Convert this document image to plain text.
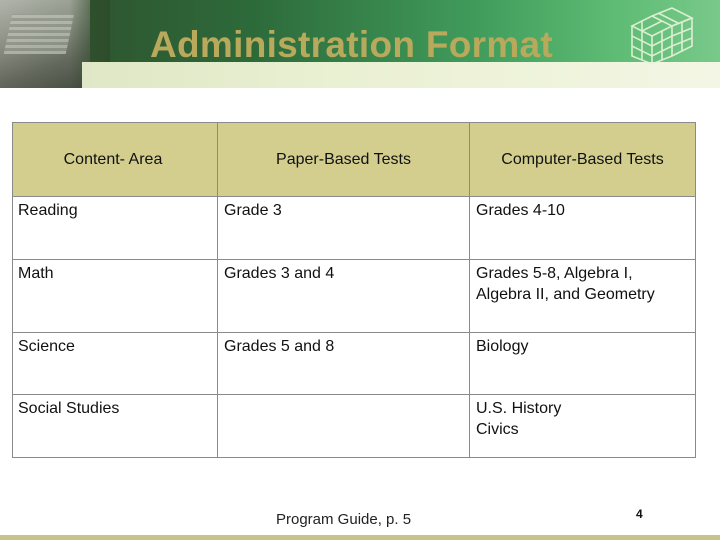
Administration Format
Content- Area	Paper-Based Tests	Computer-Based Tests
Reading	Grade 3	Grades 4-10

Math	Grades 3 and 4	Grades 5-8, Algebra I,
Algebra II, and Geometry

Science	Grades 5 and 8	Biology

Social Studies		U.S. History
Civics
Program Guide, p. 5	4
